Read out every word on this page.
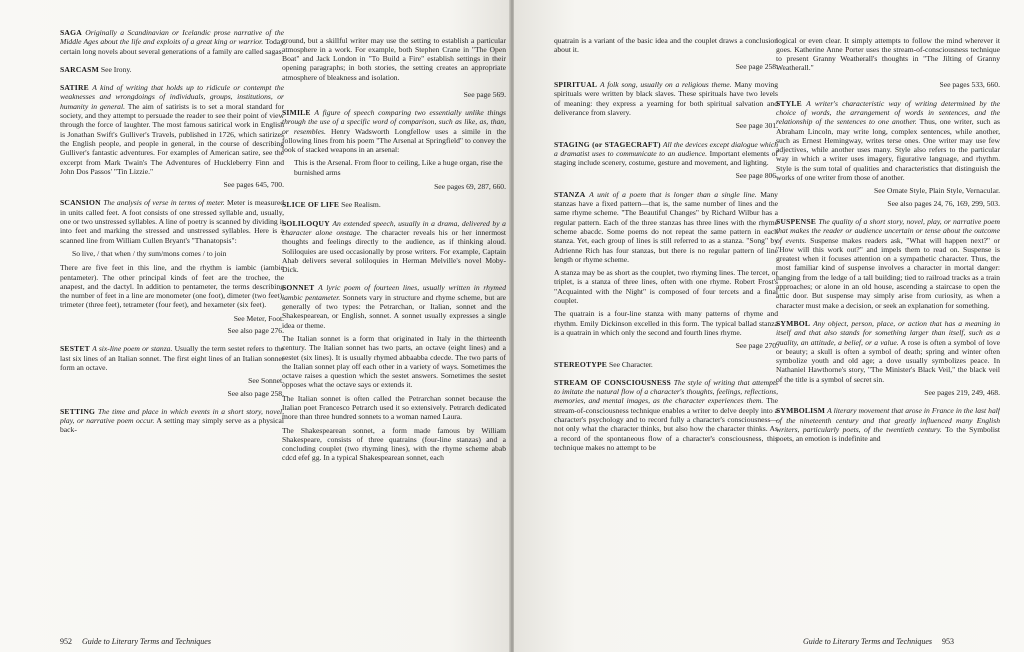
SAGA Originally a Scandinavian or Icelandic prose narrative of the Middle Ages about the life and exploits of a great king or warrior. Today certain long novels about several generations of a family are called sagas.

SARCASM See Irony.

SATIRE A kind of writing that holds up to ridicule or contempt the weaknesses and wrongdoings of individuals, groups, institutions, or humanity in general. The aim of satirists is to set a moral standard for society, and they attempt to persuade the reader to see their point of view through the force of laughter. The most famous satirical work in English is Jonathan Swift's Gulliver's Travels, published in 1726, which satirizes the English people, and people in general, in the course of describing Gulliver's fantastic adventures. For examples of American satire, see the excerpt from Mark Twain's The Adventures of Huckleberry Finn and John Dos Passos' "Tin Lizzie."

See pages 645, 700.

SCANSION The analysis of verse in terms of meter. Meter is measured in units called feet. A foot consists of one stressed syllable and, usually, one or two unstressed syllables. A line of poetry is scanned by dividing it into feet and marking the stressed and unstressed syllables. Here is a scanned line from William Cullen Bryant's "Thanatopsis":

So live, / that when / thy sum/mons comes / to join

There are five feet in this line, and the rhythm is iambic (iambic pentameter). The other principal kinds of feet are the trochee, the anapest, and the dactyl. In addition to pentameter, the terms describing the number of feet in a line are monometer (one foot), dimeter (two feet), trimeter (three feet), tetrameter (four feet), and hexameter (six feet).

See Meter, Foot.
See also page 276.

SESTET A six-line poem or stanza. Usually the term sestet refers to the last six lines of an Italian sonnet. The first eight lines of an Italian sonnet form an octave.

See Sonnet.
See also page 258.

SETTING The time and place in which events in a short story, novel, play, or narrative poem occur. A setting may simply serve as a physical back-

ground, but a skillful writer may use the setting to establish a particular atmosphere in a work. For example, both Stephen Crane in "The Open Boat" and Jack London in "To Build a Fire" establish settings in their opening paragraphs; in both stories, the setting creates an appropriate atmosphere of bleakness and isolation.

See page 569.

SIMILE A figure of speech comparing two essentially unlike things through the use of a specific word of comparison, such as like, as, than, or resembles. Henry Wadsworth Longfellow uses a simile in the following lines from his poem "The Arsenal at Springfield" to convey the look of stacked weapons in an arsenal:

This is the Arsenal. From floor to ceiling, Like a huge organ, rise the burnished arms
See pages 69, 287, 660.

SLICE OF LIFE See Realism.

SOLILOQUY An extended speech, usually in a drama, delivered by a character alone onstage. The character reveals his or her innermost thoughts and feelings directly to the audience, as if thinking aloud. Soliloquies are used occasionally by prose writers. For example, Captain Ahab delivers several soliloquies in Herman Melville's novel Moby-Dick.

SONNET A lyric poem of fourteen lines, usually written in rhymed iambic pentameter. Sonnets vary in structure and rhyme scheme, but are generally of two types: the Petrarchan, or Italian, sonnet and the Shakespearean, or English, sonnet. A sonnet usually expresses a single idea or theme.

The Italian sonnet is a form that originated in Italy in the thirteenth century. The Italian sonnet has two parts, an octave (eight lines) and a sestet (six lines). It is usually rhymed abbaabba cdecde. The two parts of the Italian sonnet play off each other in a variety of ways. Sometimes the octave raises a question which the sestet answers. Sometimes the sestet opposes what the octave says or extends it.

The Italian sonnet is often called the Petrarchan sonnet because the Italian poet Francesco Petrarch used it so extensively. Petrarch dedicated more than three hundred sonnets to a woman named Laura.

The Shakespearean sonnet, a form made famous by William Shakespeare, consists of three quatrains (four-line stanzas) and a concluding couplet (two rhyming lines), with the rhyme scheme abab cdcd efef gg. In a typical Shakespearean sonnet, each

952 Guide to Literary Terms and Techniques

quatrain is a variant of the basic idea and the couplet draws a conclusion about it.

See page 258.

SPIRITUAL A folk song, usually on a religious theme. Many moving spirituals were written by black slaves. These spirituals have two levels of meaning: they express a yearning for both spiritual salvation and deliverance from slavery.

See page 301.

STAGING (or STAGECRAFT) All the devices except dialogue which a dramatist uses to communicate to an audience. Important elements of staging include scenery, costume, gesture and movement, and lighting.

See page 806.

STANZA A unit of a poem that is longer than a single line. Many stanzas have a fixed pattern—that is, the same number of lines and the same rhyme scheme. "The Beautiful Changes" by Richard Wilbur has a regular pattern. Each of the three stanzas has three lines with the rhyme scheme abacdc. Some poems do not repeat the same pattern in each stanza. Yet, each group of lines is still referred to as a stanza. "Song" by Adrienne Rich has four stanzas, but there is no regular pattern of line length or rhyme scheme.

A stanza may be as short as the couplet, two rhyming lines. The tercet, or triplet, is a stanza of three lines, often with one rhyme. Robert Frost's "Acquainted with the Night" is composed of four tercets and a final couplet.

The quatrain is a four-line stanza with many patterns of rhyme and rhythm. Emily Dickinson excelled in this form. The typical ballad stanza is a quatrain in which only the second and fourth lines rhyme.

See page 270.

STEREOTYPE See Character.

STREAM OF CONSCIOUSNESS The style of writing that attempts to imitate the natural flow of a character's thoughts, feelings, reflections, memories, and mental images, as the character experiences them. The stream-of-consciousness technique enables a writer to delve deeply into a character's psychology and to record fully a character's consciousness—not only what the character thinks, but also how the character thinks. As a record of the spontaneous flow of a character's consciousness, this technique makes no attempt to be

logical or even clear. It simply attempts to follow the mind wherever it goes. Katherine Anne Porter uses the stream-of-consciousness technique to present Granny Weatherall's thoughts in "The Jilting of Granny Weatherall."

See pages 533, 660.

STYLE A writer's characteristic way of writing determined by the choice of words, the arrangement of words in sentences, and the relationship of the sentences to one another. Thus, one writer, such as Abraham Lincoln, may write long, complex sentences, while another, such as Ernest Hemingway, writes terse ones. One writer may use few adjectives, while another uses many. Style also refers to the particular way in which a writer uses imagery, figurative language, and rhythm. Style is the sum total of qualities and characteristics that distinguish the works of one writer from those of another.

See Ornate Style, Plain Style, Vernacular.
See also pages 24, 76, 169, 299, 503.

SUSPENSE The quality of a short story, novel, play, or narrative poem that makes the reader or audience uncertain or tense about the outcome of events. Suspense makes readers ask, "What will happen next?" or "How will this work out?" and impels them to read on. Suspense is greatest when it focuses attention on a sympathetic character. Thus, the most familiar kind of suspense involves a character in mortal danger: hanging from the ledge of a tall building; tied to railroad tracks as a train approaches; or alone in an old house, ascending a staircase to open the attic door. But suspense may simply arise from curiosity, as when a character must make a decision, or seek an explanation for something.

SYMBOL Any object, person, place, or action that has a meaning in itself and that also stands for something larger than itself, such as a quality, an attitude, a belief, or a value. A rose is often a symbol of love or beauty; a skull is often a symbol of death; spring and winter often symbolize youth and old age; a dove usually symbolizes peace. In Nathaniel Hawthorne's story, "The Minister's Black Veil," the black veil of the title is a symbol of secret sin.

See pages 219, 249, 468.

SYMBOLISM A literary movement that arose in France in the last half of the nineteenth century and that greatly influenced many English writers, particularly poets, of the twentieth century. To the Symbolist poets, an emotion is indefinite and

Guide to Literary Terms and Techniques 953
